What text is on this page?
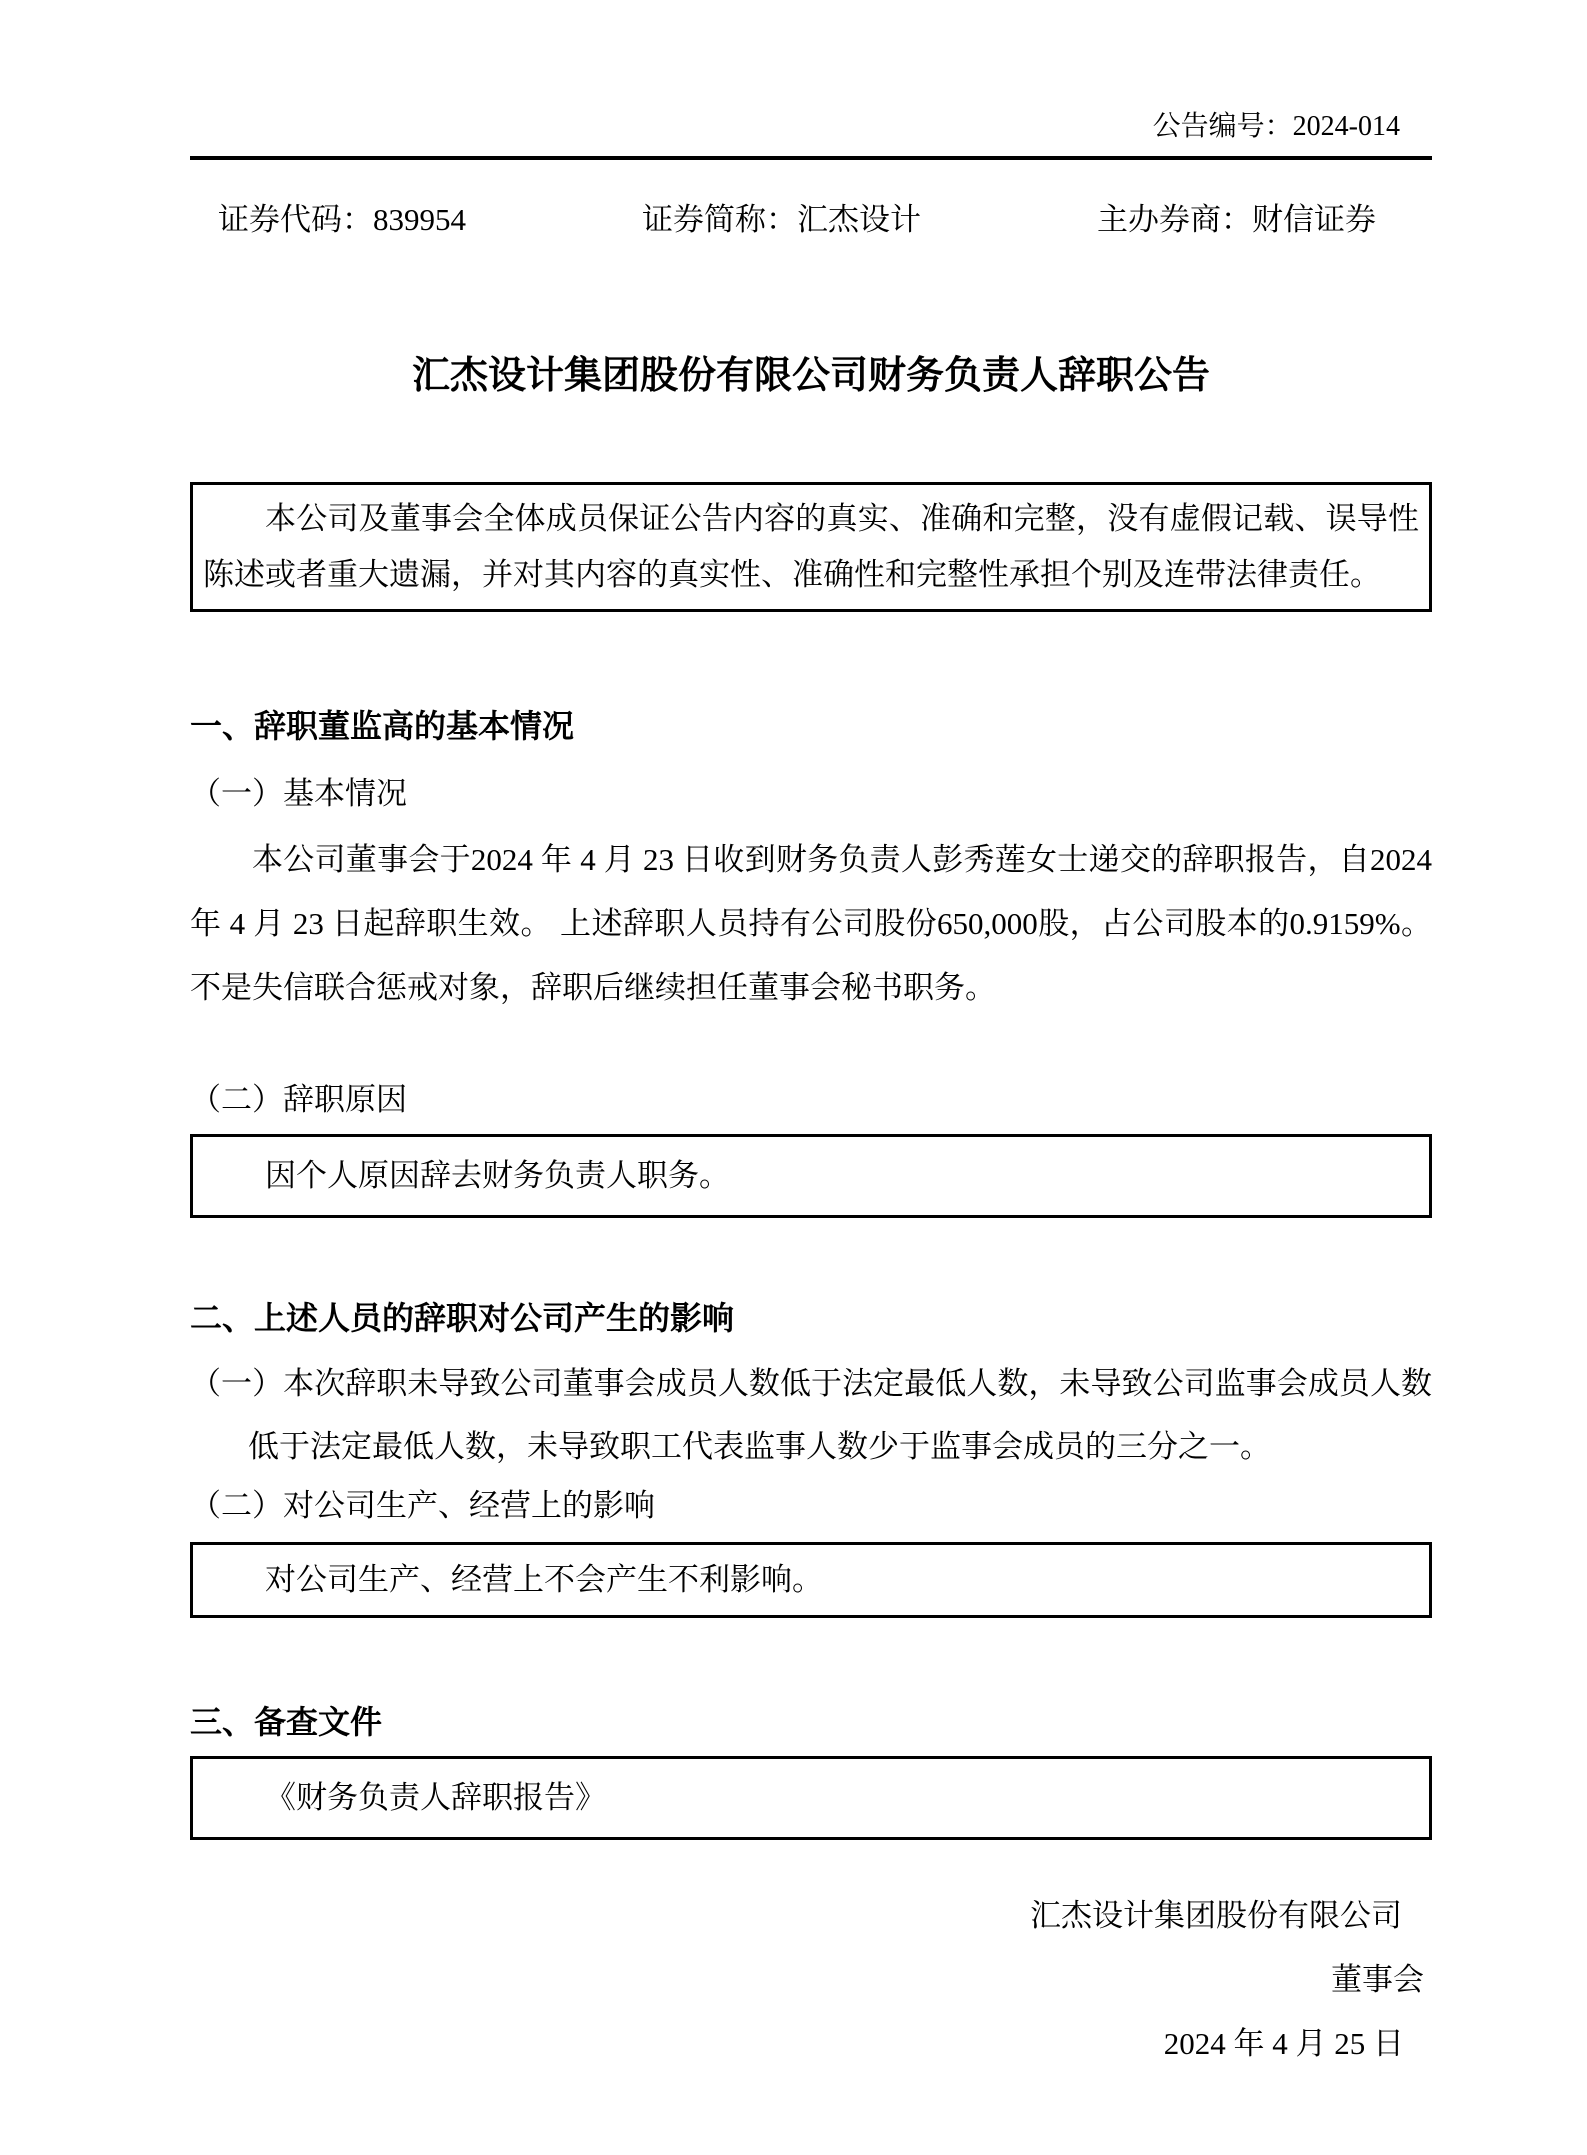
公告编号：2024-014
证券代码：839954	证券简称：汇杰设计	主办券商：财信证券
汇杰设计集团股份有限公司财务负责人辞职公告

本公司及董事会全体成员保证公告内容的真实、准确和完整，没有虚假记载、误导性陈述或者重大遗漏，并对其内容的真实性、准确性和完整性承担个别及连带法律责任。

一、辞职董监高的基本情况

（一）基本情况

本公司董事会于2024 年 4 月 23 日收到财务负责人彭秀莲女士递交的辞职报告，自2024 年 4 月 23 日起辞职生效。 上述辞职人员持有公司股份650,000股，占公司股本的0.9159%。不是失信联合惩戒对象，辞职后继续担任董事会秘书职务。

（二）辞职原因

因个人原因辞去财务负责人职务。

二、上述人员的辞职对公司产生的影响

（一）本次辞职未导致公司董事会成员人数低于法定最低人数，未导致公司监事会成员人数低于法定最低人数，未导致职工代表监事人数少于监事会成员的三分之一。

（二）对公司生产、经营上的影响

对公司生产、经营上不会产生不利影响。

三、备查文件

《财务负责人辞职报告》

汇杰设计集团股份有限公司
董事会
2024 年 4 月 25 日
